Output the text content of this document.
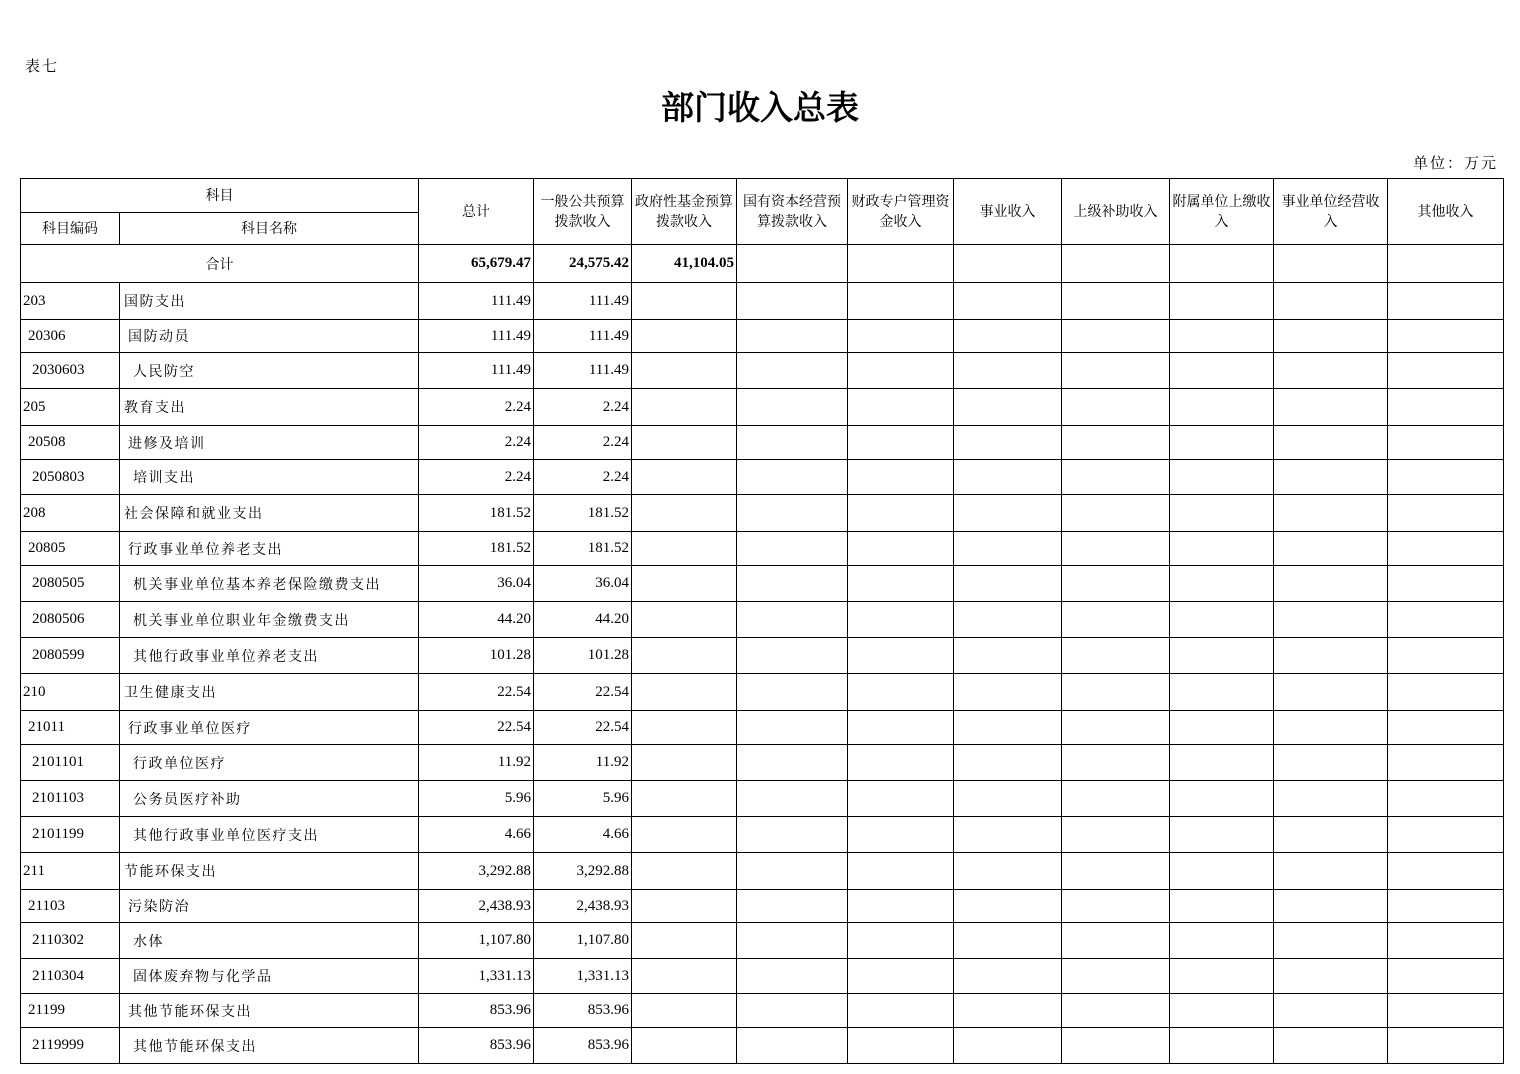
表七
部门收入总表
单位：万元
科目		总计	一般公共预算拨款收入	政府性基金预算拨款收入	国有资本经营预算拨款收入	财政专户管理资金收入	事业收入	上级补助收入	附属单位上缴收入	事业单位经营收入	其他收入
科目编码	科目名称										
合计		65,679.47	24,575.42	41,104.05							
203	国防支出	111.49	111.49								
20306	国防动员	111.49	111.49								
2030603	人民防空	111.49	111.49								
205	教育支出	2.24	2.24								
20508	进修及培训	2.24	2.24								
2050803	培训支出	2.24	2.24								
208	社会保障和就业支出	181.52	181.52								
20805	行政事业单位养老支出	181.52	181.52								
2080505	机关事业单位基本养老保险缴费支出	36.04	36.04								
2080506	机关事业单位职业年金缴费支出	44.20	44.20								
2080599	其他行政事业单位养老支出	101.28	101.28								
210	卫生健康支出	22.54	22.54								
21011	行政事业单位医疗	22.54	22.54								
2101101	行政单位医疗	11.92	11.92								
2101103	公务员医疗补助	5.96	5.96								
2101199	其他行政事业单位医疗支出	4.66	4.66								
211	节能环保支出	3,292.88	3,292.88								
21103	污染防治	2,438.93	2,438.93								
2110302	水体	1,107.80	1,107.80								
2110304	固体废弃物与化学品	1,331.13	1,331.13								
21199	其他节能环保支出	853.96	853.96								
2119999	其他节能环保支出	853.96	853.96								
